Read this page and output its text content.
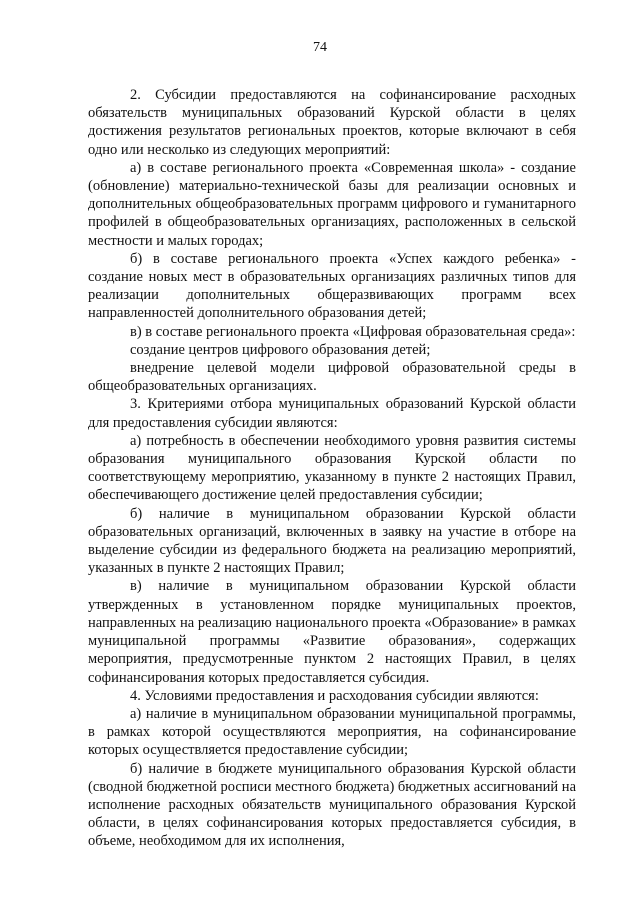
74

2. Субсидии предоставляются на софинансирование расходных обязательств муниципальных образований Курской области в целях достижения результатов региональных проектов, которые включают в себя одно или несколько из следующих мероприятий:

а) в составе регионального проекта «Современная школа» - создание (обновление) материально-технической базы для реализации основных и дополнительных общеобразовательных программ цифрового и гуманитарного профилей в общеобразовательных организациях, расположенных в сельской местности и малых городах;

б) в составе регионального проекта «Успех каждого ребенка» - создание новых мест в образовательных организациях различных типов для реализации дополнительных общеразвивающих программ всех направленностей дополнительного образования детей;

в) в составе регионального проекта «Цифровая образовательная среда»:

создание центров цифрового образования детей;

внедрение целевой модели цифровой образовательной среды в общеобразовательных организациях.

3. Критериями отбора муниципальных образований Курской области для предоставления субсидии являются:

а) потребность в обеспечении необходимого уровня развития системы образования муниципального образования Курской области по соответствующему мероприятию, указанному в пункте 2 настоящих Правил, обеспечивающего достижение целей предоставления субсидии;

б) наличие в муниципальном образовании Курской области образовательных организаций, включенных в заявку на участие в отборе на выделение субсидии из федерального бюджета на реализацию мероприятий, указанных в пункте 2 настоящих Правил;

в) наличие в муниципальном образовании Курской области утвержденных в установленном порядке муниципальных проектов, направленных на реализацию национального проекта «Образование» в рамках муниципальной программы «Развитие образования», содержащих мероприятия, предусмотренные пунктом 2 настоящих Правил, в целях софинансирования которых предоставляется субсидия.

4. Условиями предоставления и расходования субсидии являются:

а) наличие в муниципальном образовании муниципальной программы, в рамках которой осуществляются мероприятия, на софинансирование которых осуществляется предоставление субсидии;

б) наличие в бюджете муниципального образования Курской области (сводной бюджетной росписи местного бюджета) бюджетных ассигнований на исполнение расходных обязательств муниципального образования Курской области, в целях софинансирования которых предоставляется субсидия, в объеме, необходимом для их исполнения,
